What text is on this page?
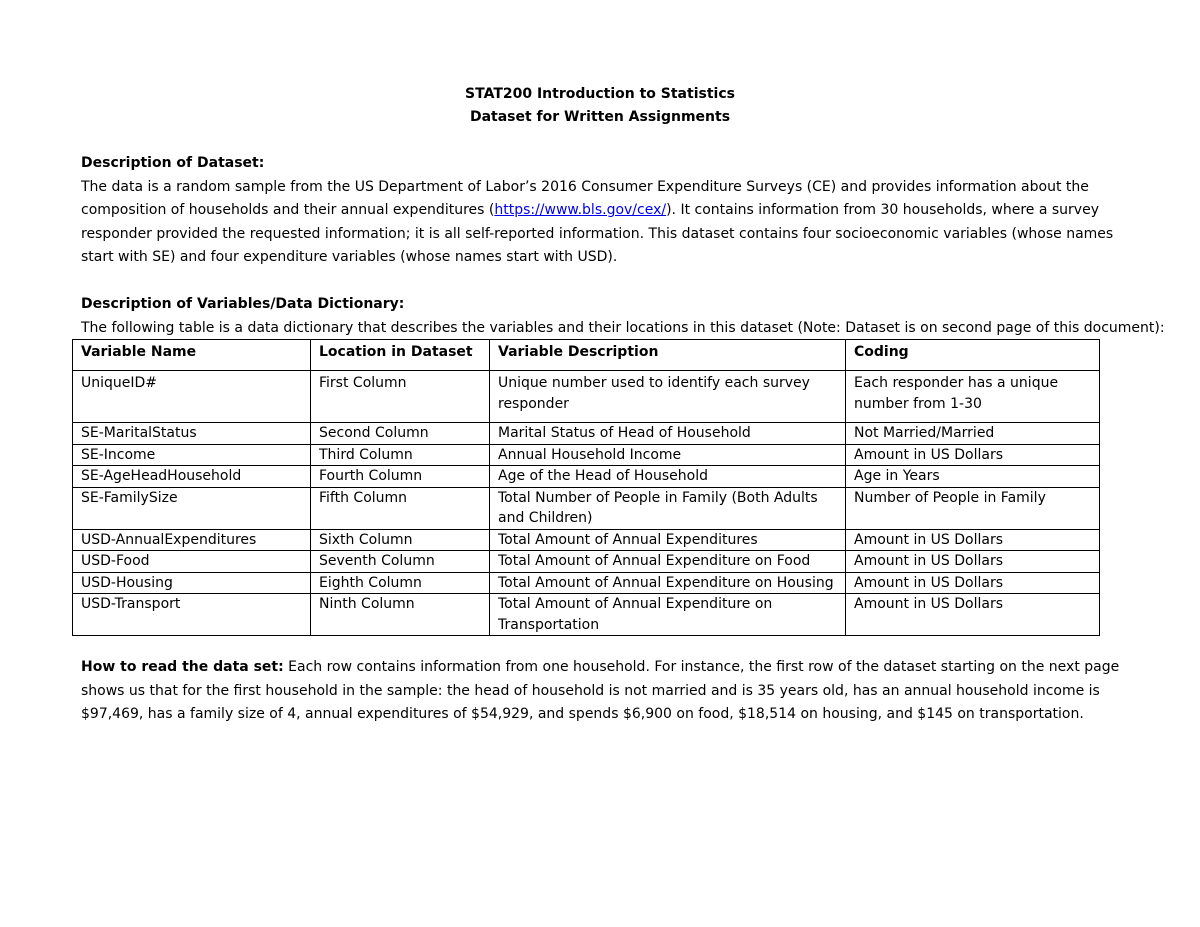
STAT200 Introduction to Statistics
Dataset for Written Assignments
Description of Dataset:
The data is a random sample from the US Department of Labor’s 2016 Consumer Expenditure Surveys (CE) and provides information about the composition of households and their annual expenditures (https://www.bls.gov/cex/). It contains information from 30 households, where a survey responder provided the requested information; it is all self-reported information. This dataset contains four socioeconomic variables (whose names start with SE) and four expenditure variables (whose names start with USD).
Description of Variables/Data Dictionary:
The following table is a data dictionary that describes the variables and their locations in this dataset (Note: Dataset is on second page of this document):
Variable Name	Location in Dataset	Variable Description	Coding
UniqueID#	First Column	Unique number used to identify each survey responder	Each responder has a unique number from 1-30
SE-MaritalStatus	Second Column	Marital Status of Head of Household	Not Married/Married
SE-Income	Third Column	Annual Household Income	Amount in US Dollars
SE-AgeHeadHousehold	Fourth Column	Age of the Head of Household	Age in Years
SE-FamilySize	Fifth Column	Total Number of People in Family (Both Adults and Children)	Number of People in Family
USD-AnnualExpenditures	Sixth Column	Total Amount of Annual Expenditures	Amount in US Dollars
USD-Food	Seventh Column	Total Amount of Annual Expenditure on Food	Amount in US Dollars
USD-Housing	Eighth Column	Total Amount of Annual Expenditure on Housing	Amount in US Dollars
USD-Transport	Ninth Column	Total Amount of Annual Expenditure on Transportation	Amount in US Dollars
How to read the data set: Each row contains information from one household. For instance, the first row of the dataset starting on the next page shows us that for the first household in the sample: the head of household is not married and is 35 years old, has an annual household income is $97,469, has a family size of 4, annual expenditures of $54,929, and spends $6,900 on food, $18,514 on housing, and $145 on transportation.
